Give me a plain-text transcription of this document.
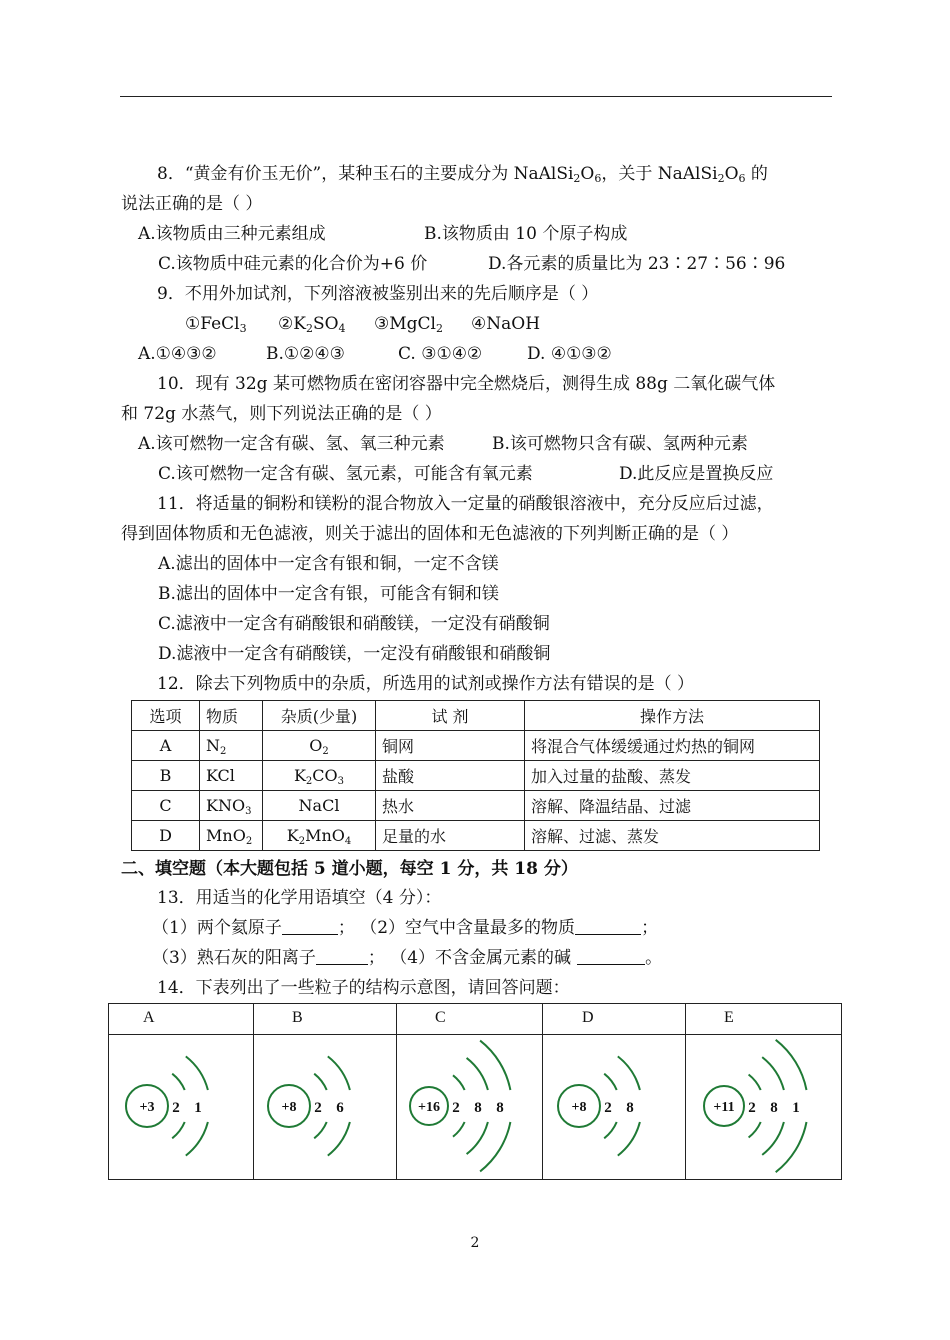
8．“黄金有价玉无价”，某种玉石的主要成分为 $NaAlSi_2O_6$，关于 $NaAlSi_2O_6$ 的
说法正确的是（ ）
A.该物质由三种元素组成	B.该物质由 10 个原子构成
C.该物质中硅元素的化合价为+6 价	D.各元素的质量比为 23∶27∶56∶96
9．不用外加试剂，下列溶液被鉴别出来的先后顺序是（ ）
①FeCl$_3$ $②K_2SO_4$ ③MgCl$_2$ ④NaOH
A.①④③②	B.①②④③	C. ③①④②	D. ④①③②
10．现有 32g 某可燃物质在密闭容器中完全燃烧后，测得生成 88g 二氧化碳气体
和 72g 水蒸气，则下列说法正确的是（ ）
A.该可燃物一定含有碳、氢、氧三种元素	B.该可燃物只含有碳、氢两种元素
C.该可燃物一定含有碳、氢元素，可能含有氧元素	D.此反应是置换反应
11．将适量的铜粉和镁粉的混合物放入一定量的硝酸银溶液中，充分反应后过滤，
得到固体物质和无色滤液，则关于滤出的固体和无色滤液的下列判断正确的是（ ）
A.滤出的固体中一定含有银和铜，一定不含镁
B.滤出的固体中一定含有银，可能含有铜和镁
C.滤液中一定含有硝酸银和硝酸镁，一定没有硝酸铜
D.滤液中一定含有硝酸镁，一定没有硝酸银和硝酸铜
12．除去下列物质中的杂质，所选用的试剂或操作方法有错误的是（ ）
选项	物质	杂质(少量)	试 剂	操作方法
A	$N_2$	$O_2$	铜网	将混合气体缓缓通过灼热的铜网
B	KCl	$K_2CO_3$	盐酸	加入过量的盐酸、蒸发
C	$KNO_3$	NaCl	热水	溶解、降温结晶、过滤
D	MnO$_2$	$K_2MnO_4$	足量的水	溶解、过滤、蒸发
二、填空题（本大题包括 5 道小题，每空 1 分，共 18 分）
13．用适当的化学用语填空（4 分）：
（1）两个氦原子	； （2）空气中含量最多的物质	；
（3）熟石灰的阳离子	； （4）不含金属元素的碱	。
14．下表列出了一些粒子的结构示意图，请回答问题：
A	B	C	D	E
+3 2 1	+8 2 6	+16 2 8 8	+8 2 8	+11 2 8 1
2
